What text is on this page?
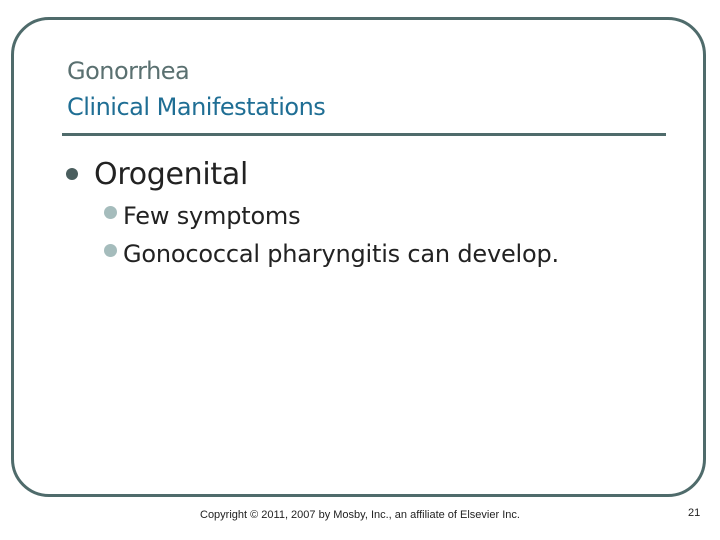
Gonorrhea
Clinical Manifestations
Orogenital
Few symptoms
Gonococcal pharyngitis can develop.
Copyright © 2011, 2007 by Mosby, Inc., an affiliate of Elsevier Inc.	21
